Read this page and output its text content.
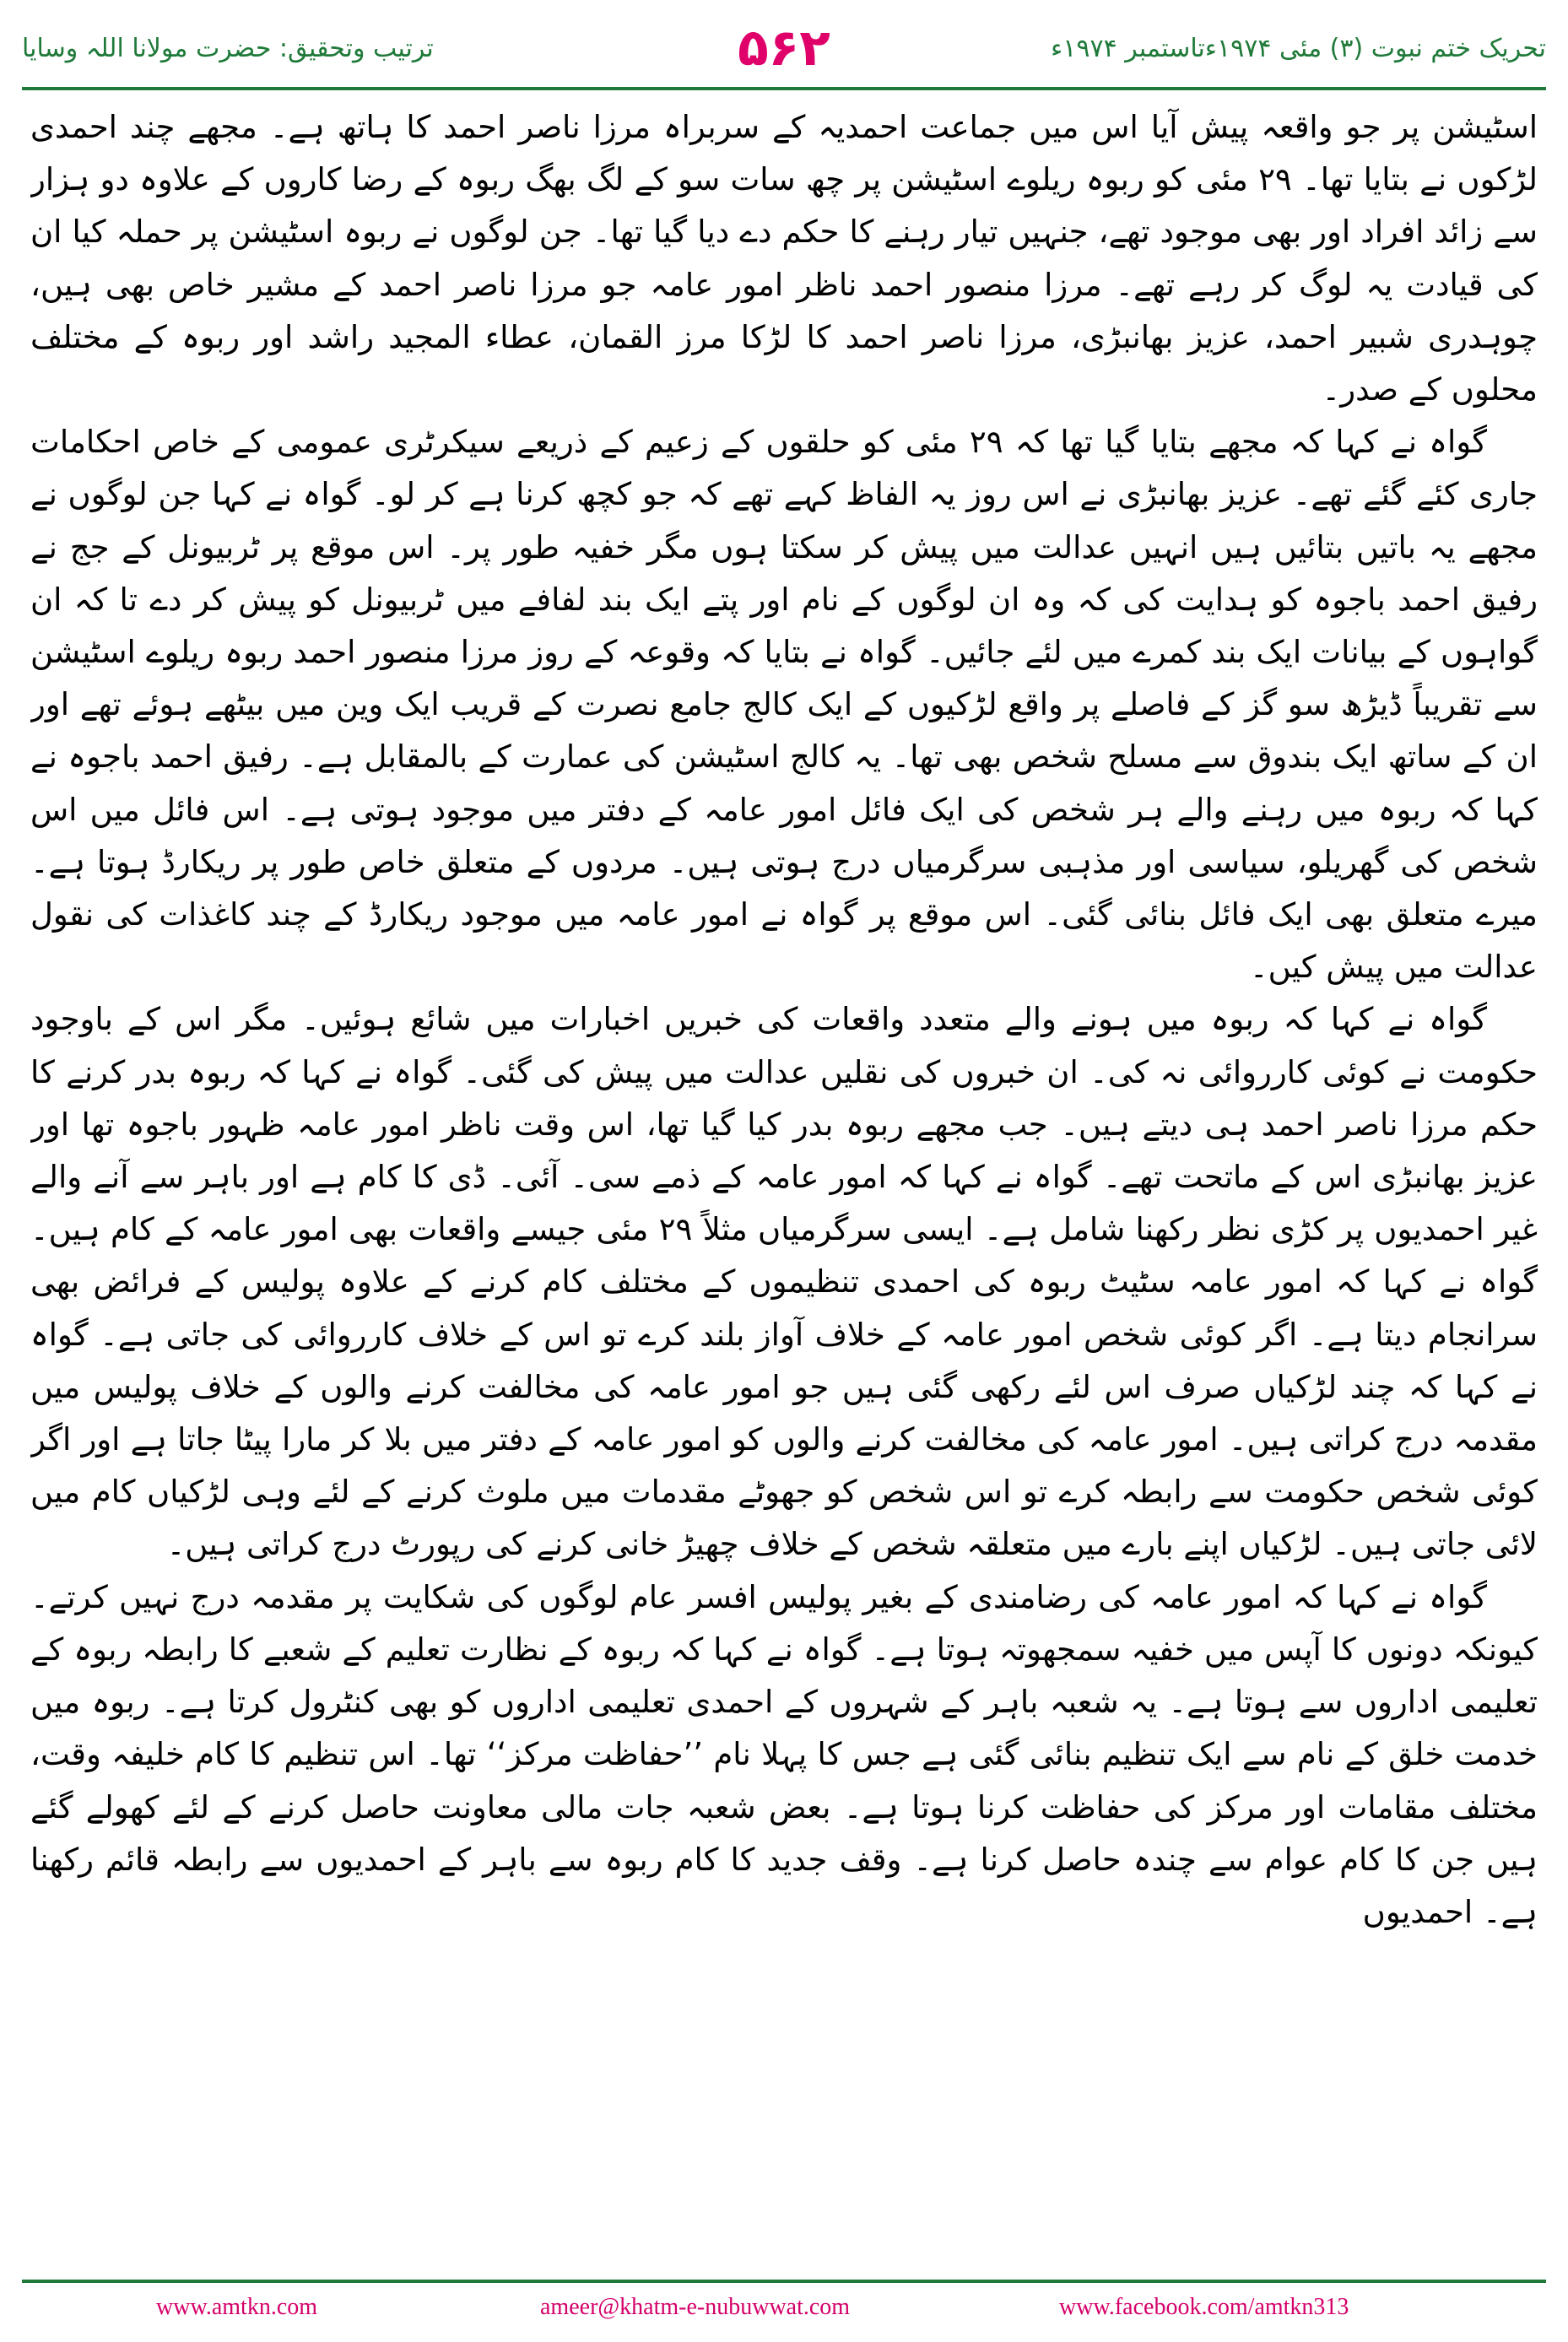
ترتیب وتحقیق: حضرت مولانا اللہ وسایا	۵۶۲	تحریک ختم نبوت (۳) مئی ۱۹۷۴ءتاستمبر ۱۹۷۴ء

اسٹیشن پر جو واقعہ پیش آیا اس میں جماعت احمدیہ کے سربراہ مرزا ناصر احمد کا ہاتھ ہے۔ مجھے چند احمدی لڑکوں نے بتایا تھا۔ ۲۹ مئی کو ربوہ ریلوے اسٹیشن پر چھ سات سو کے لگ بھگ ربوہ کے رضا کاروں کے علاوہ دو ہزار سے زائد افراد اور بھی موجود تھے، جنہیں تیار رہنے کا حکم دے دیا گیا تھا۔ جن لوگوں نے ربوہ اسٹیشن پر حملہ کیا ان کی قیادت یہ لوگ کر رہے تھے۔ مرزا منصور احمد ناظر امور عامہ جو مرزا ناصر احمد کے مشیر خاص بھی ہیں، چوہدری شبیر احمد، عزیز بھانبڑی، مرزا ناصر احمد کا لڑکا مرز القمان، عطاء المجید راشد اور ربوہ کے مختلف محلوں کے صدر۔

گواہ نے کہا کہ مجھے بتایا گیا تھا کہ ۲۹ مئی کو حلقوں کے زعیم کے ذریعے سیکرٹری عمومی کے خاص احکامات جاری کئے گئے تھے۔ عزیز بھانبڑی نے اس روز یہ الفاظ کہے تھے کہ جو کچھ کرنا ہے کر لو۔ گواہ نے کہا جن لوگوں نے مجھے یہ باتیں بتائیں ہیں انہیں عدالت میں پیش کر سکتا ہوں مگر خفیہ طور پر۔ اس موقع پر ٹربیونل کے جج نے رفیق احمد باجوہ کو ہدایت کی کہ وہ ان لوگوں کے نام اور پتے ایک بند لفافے میں ٹربیونل کو پیش کر دے تا کہ ان گواہوں کے بیانات ایک بند کمرے میں لئے جائیں۔ گواہ نے بتایا کہ وقوعہ کے روز مرزا منصور احمد ربوہ ریلوے اسٹیشن سے تقریباً ڈیڑھ سو گز کے فاصلے پر واقع لڑکیوں کے ایک کالج جامع نصرت کے قریب ایک وین میں بیٹھے ہوئے تھے اور ان کے ساتھ ایک بندوق سے مسلح شخص بھی تھا۔ یہ کالج اسٹیشن کی عمارت کے بالمقابل ہے۔ رفیق احمد باجوہ نے کہا کہ ربوہ میں رہنے والے ہر شخص کی ایک فائل امور عامہ کے دفتر میں موجود ہوتی ہے۔ اس فائل میں اس شخص کی گھریلو، سیاسی اور مذہبی سرگرمیاں درج ہوتی ہیں۔ مردوں کے متعلق خاص طور پر ریکارڈ ہوتا ہے۔ میرے متعلق بھی ایک فائل بنائی گئی۔ اس موقع پر گواہ نے امور عامہ میں موجود ریکارڈ کے چند کاغذات کی نقول عدالت میں پیش کیں۔

گواہ نے کہا کہ ربوہ میں ہونے والے متعدد واقعات کی خبریں اخبارات میں شائع ہوئیں۔ مگر اس کے باوجود حکومت نے کوئی کارروائی نہ کی۔ ان خبروں کی نقلیں عدالت میں پیش کی گئی۔ گواہ نے کہا کہ ربوہ بدر کرنے کا حکم مرزا ناصر احمد ہی دیتے ہیں۔ جب مجھے ربوہ بدر کیا گیا تھا، اس وقت ناظر امور عامہ ظہور باجوہ تھا اور عزیز بھانبڑی اس کے ماتحت تھے۔ گواہ نے کہا کہ امور عامہ کے ذمے سی۔ آئی۔ ڈی کا کام ہے اور باہر سے آنے والے غیر احمدیوں پر کڑی نظر رکھنا شامل ہے۔ ایسی سرگرمیاں مثلاً ۲۹ مئی جیسے واقعات بھی امور عامہ کے کام ہیں۔ گواہ نے کہا کہ امور عامہ سٹیٹ ربوہ کی احمدی تنظیموں کے مختلف کام کرنے کے علاوہ پولیس کے فرائض بھی سرانجام دیتا ہے۔ اگر کوئی شخص امور عامہ کے خلاف آواز بلند کرے تو اس کے خلاف کارروائی کی جاتی ہے۔ گواہ نے کہا کہ چند لڑکیاں صرف اس لئے رکھی گئی ہیں جو امور عامہ کی مخالفت کرنے والوں کے خلاف پولیس میں مقدمہ درج کراتی ہیں۔ امور عامہ کی مخالفت کرنے والوں کو امور عامہ کے دفتر میں بلا کر مارا پیٹا جاتا ہے اور اگر کوئی شخص حکومت سے رابطہ کرے تو اس شخص کو جھوٹے مقدمات میں ملوث کرنے کے لئے وہی لڑکیاں کام میں لائی جاتی ہیں۔ لڑکیاں اپنے بارے میں متعلقہ شخص کے خلاف چھیڑ خانی کرنے کی رپورٹ درج کراتی ہیں۔

گواہ نے کہا کہ امور عامہ کی رضامندی کے بغیر پولیس افسر عام لوگوں کی شکایت پر مقدمہ درج نہیں کرتے۔ کیونکہ دونوں کا آپس میں خفیہ سمجھوتہ ہوتا ہے۔ گواہ نے کہا کہ ربوہ کے نظارت تعلیم کے شعبے کا رابطہ ربوہ کے تعلیمی اداروں سے ہوتا ہے۔ یہ شعبہ باہر کے شہروں کے احمدی تعلیمی اداروں کو بھی کنٹرول کرتا ہے۔ ربوہ میں خدمت خلق کے نام سے ایک تنظیم بنائی گئی ہے جس کا پہلا نام ’’حفاظت مرکز‘‘ تھا۔ اس تنظیم کا کام خلیفہ وقت، مختلف مقامات اور مرکز کی حفاظت کرنا ہوتا ہے۔ بعض شعبہ جات مالی معاونت حاصل کرنے کے لئے کھولے گئے ہیں جن کا کام عوام سے چندہ حاصل کرنا ہے۔ وقف جدید کا کام ربوہ سے باہر کے احمدیوں سے رابطہ قائم رکھنا ہے۔ احمدیوں

www.amtkn.com	ameer@khatm-e-nubuwwat.com	www.facebook.com/amtkn313
